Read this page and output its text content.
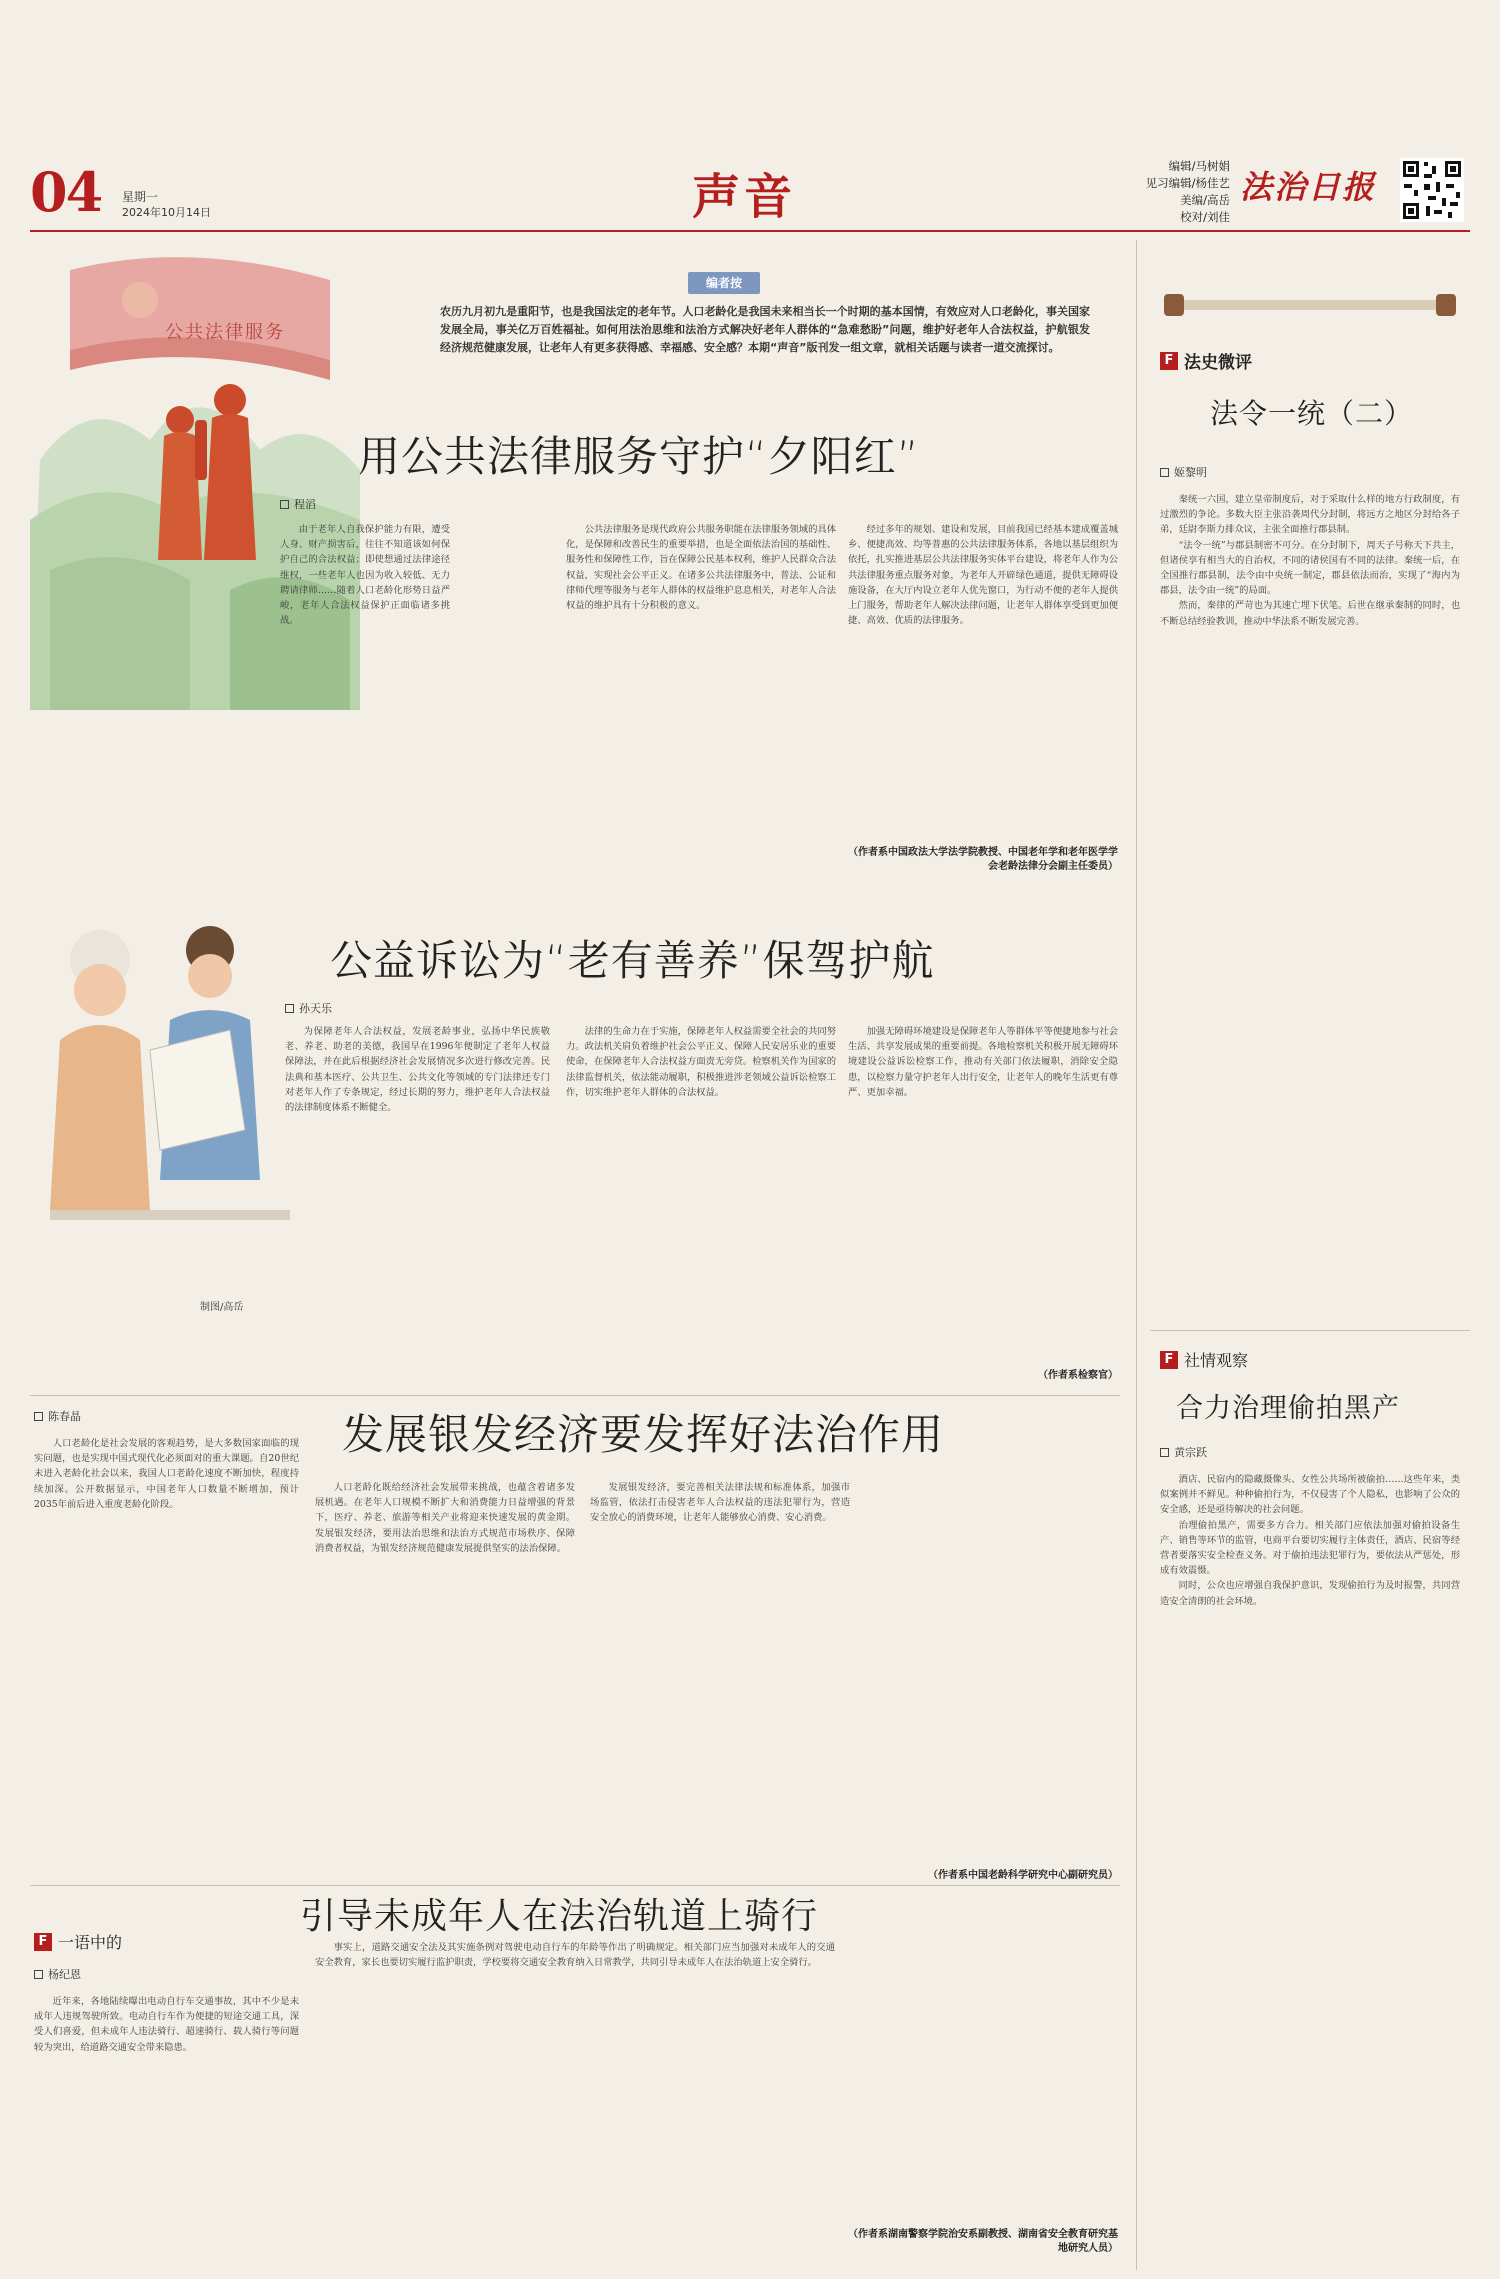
04 星期一
2024年10月14日	声音
编辑/马树娟
见习编辑/杨佳艺
美编/高岳
校对/刘佳
法治日报
公共法律服务
编者按
农历九月初九是重阳节，也是我国法定的老年节。人口老龄化是我国未来相当长一个时期的基本国情，有效应对人口老龄化，事关国家发展全局，事关亿万百姓福祉。如何用法治思维和法治方式解决好老年人群体的“急难愁盼”问题，维护好老年人合法权益，护航银发经济规范健康发展，让老年人有更多获得感、幸福感、安全感？本期“声音”版刊发一组文章，就相关话题与读者一道交流探讨。
用公共法律服务守护“夕阳红”
程滔

由于老年人自我保护能力有限，遭受人身、财产损害后，往往不知道该如何保护自己的合法权益；即使想通过法律途径维权，一些老年人也因为收入较低、无力聘请律师……随着人口老龄化形势日益严峻，老年人合法权益保护正面临诸多挑战。

公共法律服务是现代政府公共服务职能在法律服务领域的具体化，是保障和改善民生的重要举措，也是全面依法治国的基础性、服务性和保障性工作，旨在保障公民基本权利，维护人民群众合法权益，实现社会公平正义。在诸多公共法律服务中，普法、公证和律师代理等服务与老年人群体的权益维护息息相关，对老年人合法权益的维护具有十分积极的意义。

经过多年的规划、建设和发展，目前我国已经基本建成覆盖城乡、便捷高效、均等普惠的公共法律服务体系，各地以基层组织为依托，扎实推进基层公共法律服务实体平台建设，将老年人作为公共法律服务重点服务对象，为老年人开辟绿色通道，提供无障碍设施设备，在大厅内设立老年人优先窗口，为行动不便的老年人提供上门服务，帮助老年人解决法律问题，让老年人群体享受到更加便捷、高效、优质的法律服务。

（作者系中国政法大学法学院教授、中国老年学和老年医学学会老龄法律分会副主任委员）
制图/高岳
公益诉讼为“老有善养”保驾护航
孙天乐

为保障老年人合法权益，发展老龄事业，弘扬中华民族敬老、养老、助老的美德，我国早在1996年便制定了老年人权益保障法，并在此后根据经济社会发展情况多次进行修改完善。民法典和基本医疗、公共卫生、公共文化等领域的专门法律还专门对老年人作了专条规定，经过长期的努力，维护老年人合法权益的法律制度体系不断健全。

法律的生命力在于实施，保障老年人权益需要全社会的共同努力。政法机关肩负着维护社会公平正义、保障人民安居乐业的重要使命，在保障老年人合法权益方面责无旁贷。检察机关作为国家的法律监督机关，依法能动履职，积极推进涉老领域公益诉讼检察工作，切实维护老年人群体的合法权益。

加强无障碍环境建设是保障老年人等群体平等便捷地参与社会生活、共享发展成果的重要前提。各地检察机关积极开展无障碍环境建设公益诉讼检察工作，推动有关部门依法履职，消除安全隐患，以检察力量守护老年人出行安全，让老年人的晚年生活更有尊严、更加幸福。

（作者系检察官）
发展银发经济要发挥好法治作用
陈春晶

人口老龄化是社会发展的客观趋势，是大多数国家面临的现实问题，也是实现中国式现代化必须面对的重大课题。自20世纪末进入老龄化社会以来，我国人口老龄化速度不断加快，程度持续加深。公开数据显示，中国老年人口数量不断增加，预计2035年前后进入重度老龄化阶段。

人口老龄化既给经济社会发展带来挑战，也蕴含着诸多发展机遇。在老年人口规模不断扩大和消费能力日益增强的背景下，医疗、养老、旅游等相关产业将迎来快速发展的黄金期。发展银发经济，要用法治思维和法治方式规范市场秩序、保障消费者权益，为银发经济规范健康发展提供坚实的法治保障。

发展银发经济，要完善相关法律法规和标准体系，加强市场监管，依法打击侵害老年人合法权益的违法犯罪行为，营造安全放心的消费环境，让老年人能够放心消费、安心消费。

（作者系中国老龄科学研究中心副研究员）
F 一语中的
引导未成年人在法治轨道上骑行
杨纪恩

近年来，各地陆续曝出电动自行车交通事故，其中不少是未成年人违规驾驶所致。电动自行车作为便捷的短途交通工具，深受人们喜爱，但未成年人违法骑行、超速骑行、载人骑行等问题较为突出，给道路交通安全带来隐患。

事实上，道路交通安全法及其实施条例对驾驶电动自行车的年龄等作出了明确规定。相关部门应当加强对未成年人的交通安全教育，家长也要切实履行监护职责，学校要将交通安全教育纳入日常教学，共同引导未成年人在法治轨道上安全骑行。

（作者系湖南警察学院治安系副教授、湖南省安全教育研究基地研究人员）
F 法史微评
法令一统（二）
姬黎明

秦统一六国，建立皇帝制度后，对于采取什么样的地方行政制度，有过激烈的争论。多数大臣主张沿袭周代分封制，将远方之地区分封给各子弟，廷尉李斯力排众议，主张全面推行郡县制。

“法令一统”与郡县制密不可分。在分封制下，周天子号称天下共主，但诸侯享有相当大的自治权，不同的诸侯国有不同的法律。秦统一后，在全国推行郡县制，法令由中央统一制定，郡县依法而治，实现了“海内为郡县，法令由一统”的局面。

然而，秦律的严苛也为其速亡埋下伏笔。后世在继承秦制的同时，也不断总结经验教训，推动中华法系不断发展完善。

F 社情观察
合力治理偷拍黑产
黄宗跃

酒店、民宿内的隐藏摄像头、女性公共场所被偷拍……这些年来，类似案例并不鲜见。种种偷拍行为，不仅侵害了个人隐私，也影响了公众的安全感，还是亟待解决的社会问题。

治理偷拍黑产，需要多方合力。相关部门应依法加强对偷拍设备生产、销售等环节的监管，电商平台要切实履行主体责任，酒店、民宿等经营者要落实安全检查义务。对于偷拍违法犯罪行为，要依法从严惩处，形成有效震慑。

同时，公众也应增强自我保护意识，发现偷拍行为及时报警，共同营造安全清朗的社会环境。
